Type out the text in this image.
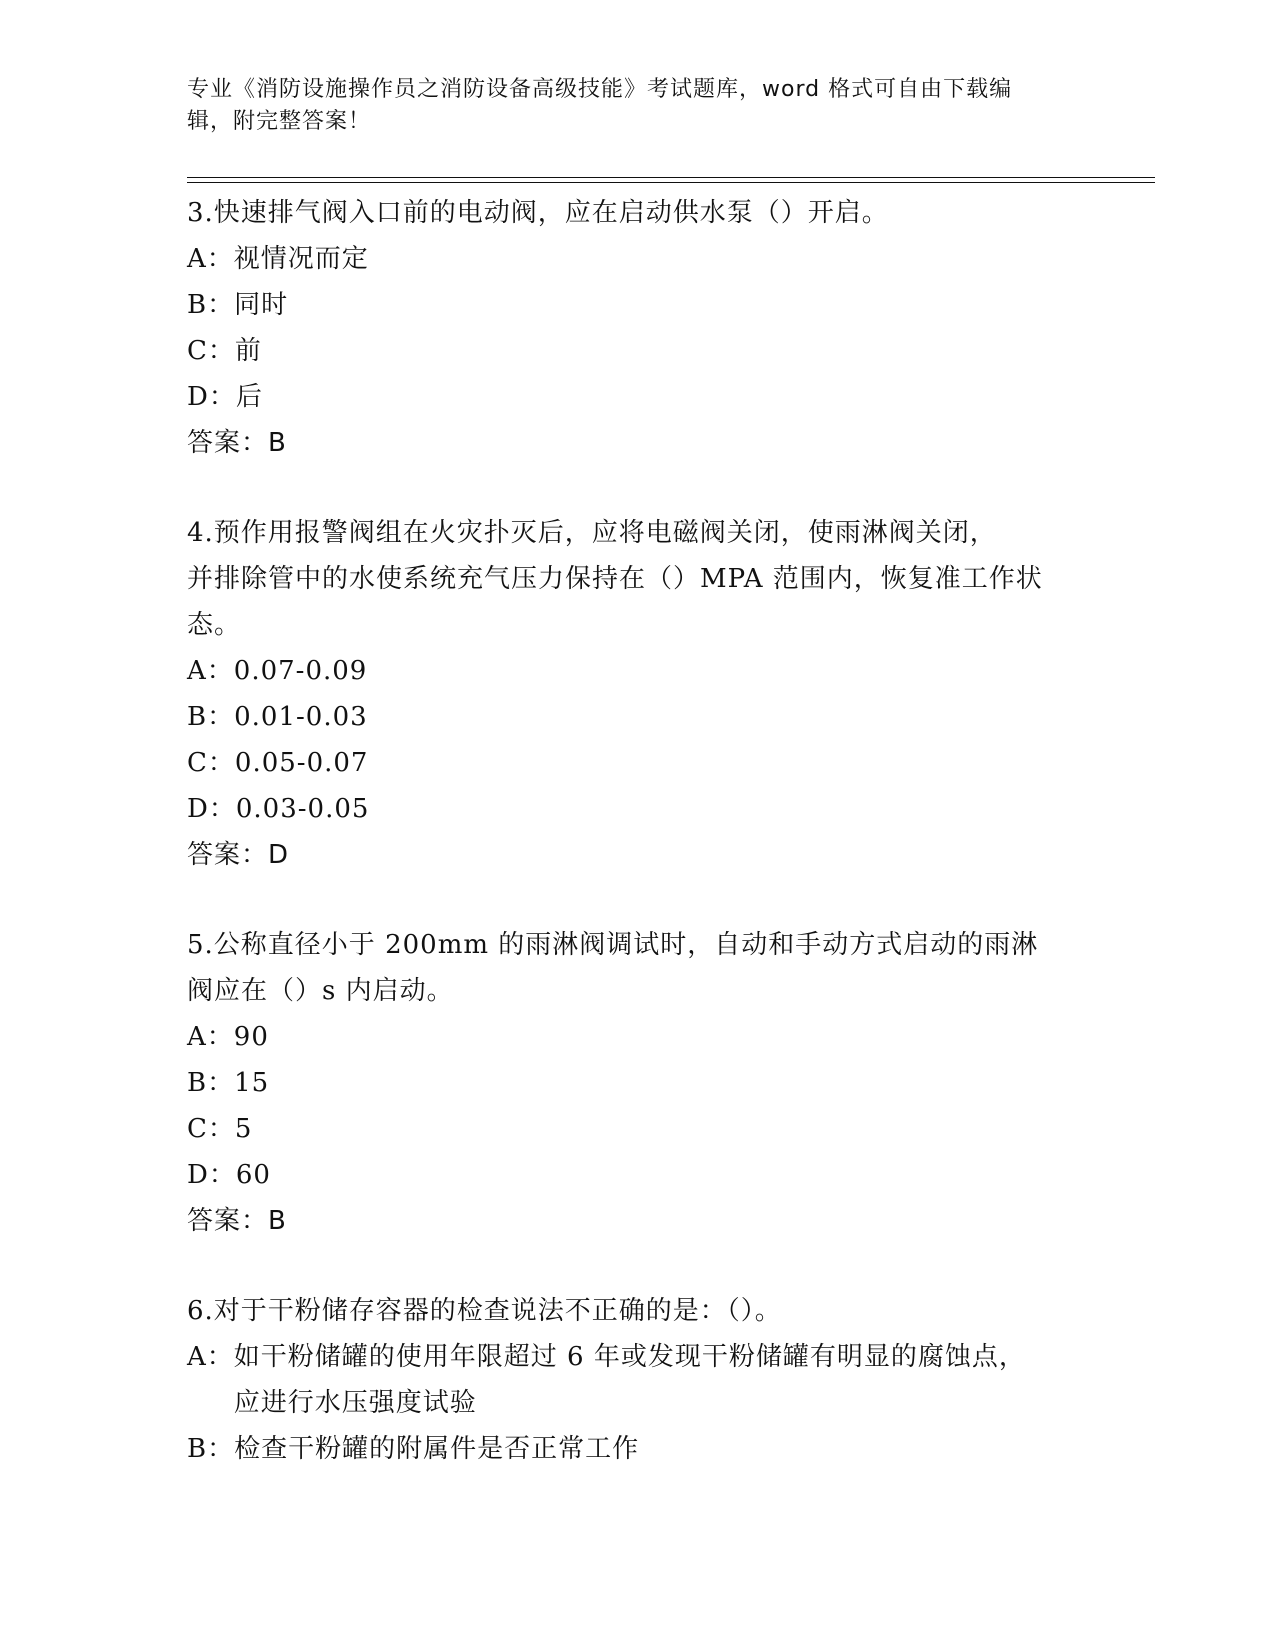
专业《消防设施操作员之消防设备高级技能》考试题库，word 格式可自由下载编
辑，附完整答案！
3.快速排气阀入口前的电动阀，应在启动供水泵（）开启。
A： 视情况而定
B： 同时
C： 前
D： 后
答案：B
4.预作用报警阀组在火灾扑灭后，应将电磁阀关闭，使雨淋阀关闭，
并排除管中的水使系统充气压力保持在（）MPA 范围内，恢复准工作状
态。
A： 0.07-0.09
B： 0.01-0.03
C： 0.05-0.07
D： 0.03-0.05
答案：D
5.公称直径小于 200mm 的雨淋阀调试时，自动和手动方式启动的雨淋
阀应在（）s 内启动。
A： 90
B： 15
C： 5
D： 60
答案：B
6.对于干粉储存容器的检查说法不正确的是：（）。
A： 如干粉储罐的使用年限超过 6 年或发现干粉储罐有明显的腐蚀点，
应进行水压强度试验
B： 检查干粉罐的附属件是否正常工作
